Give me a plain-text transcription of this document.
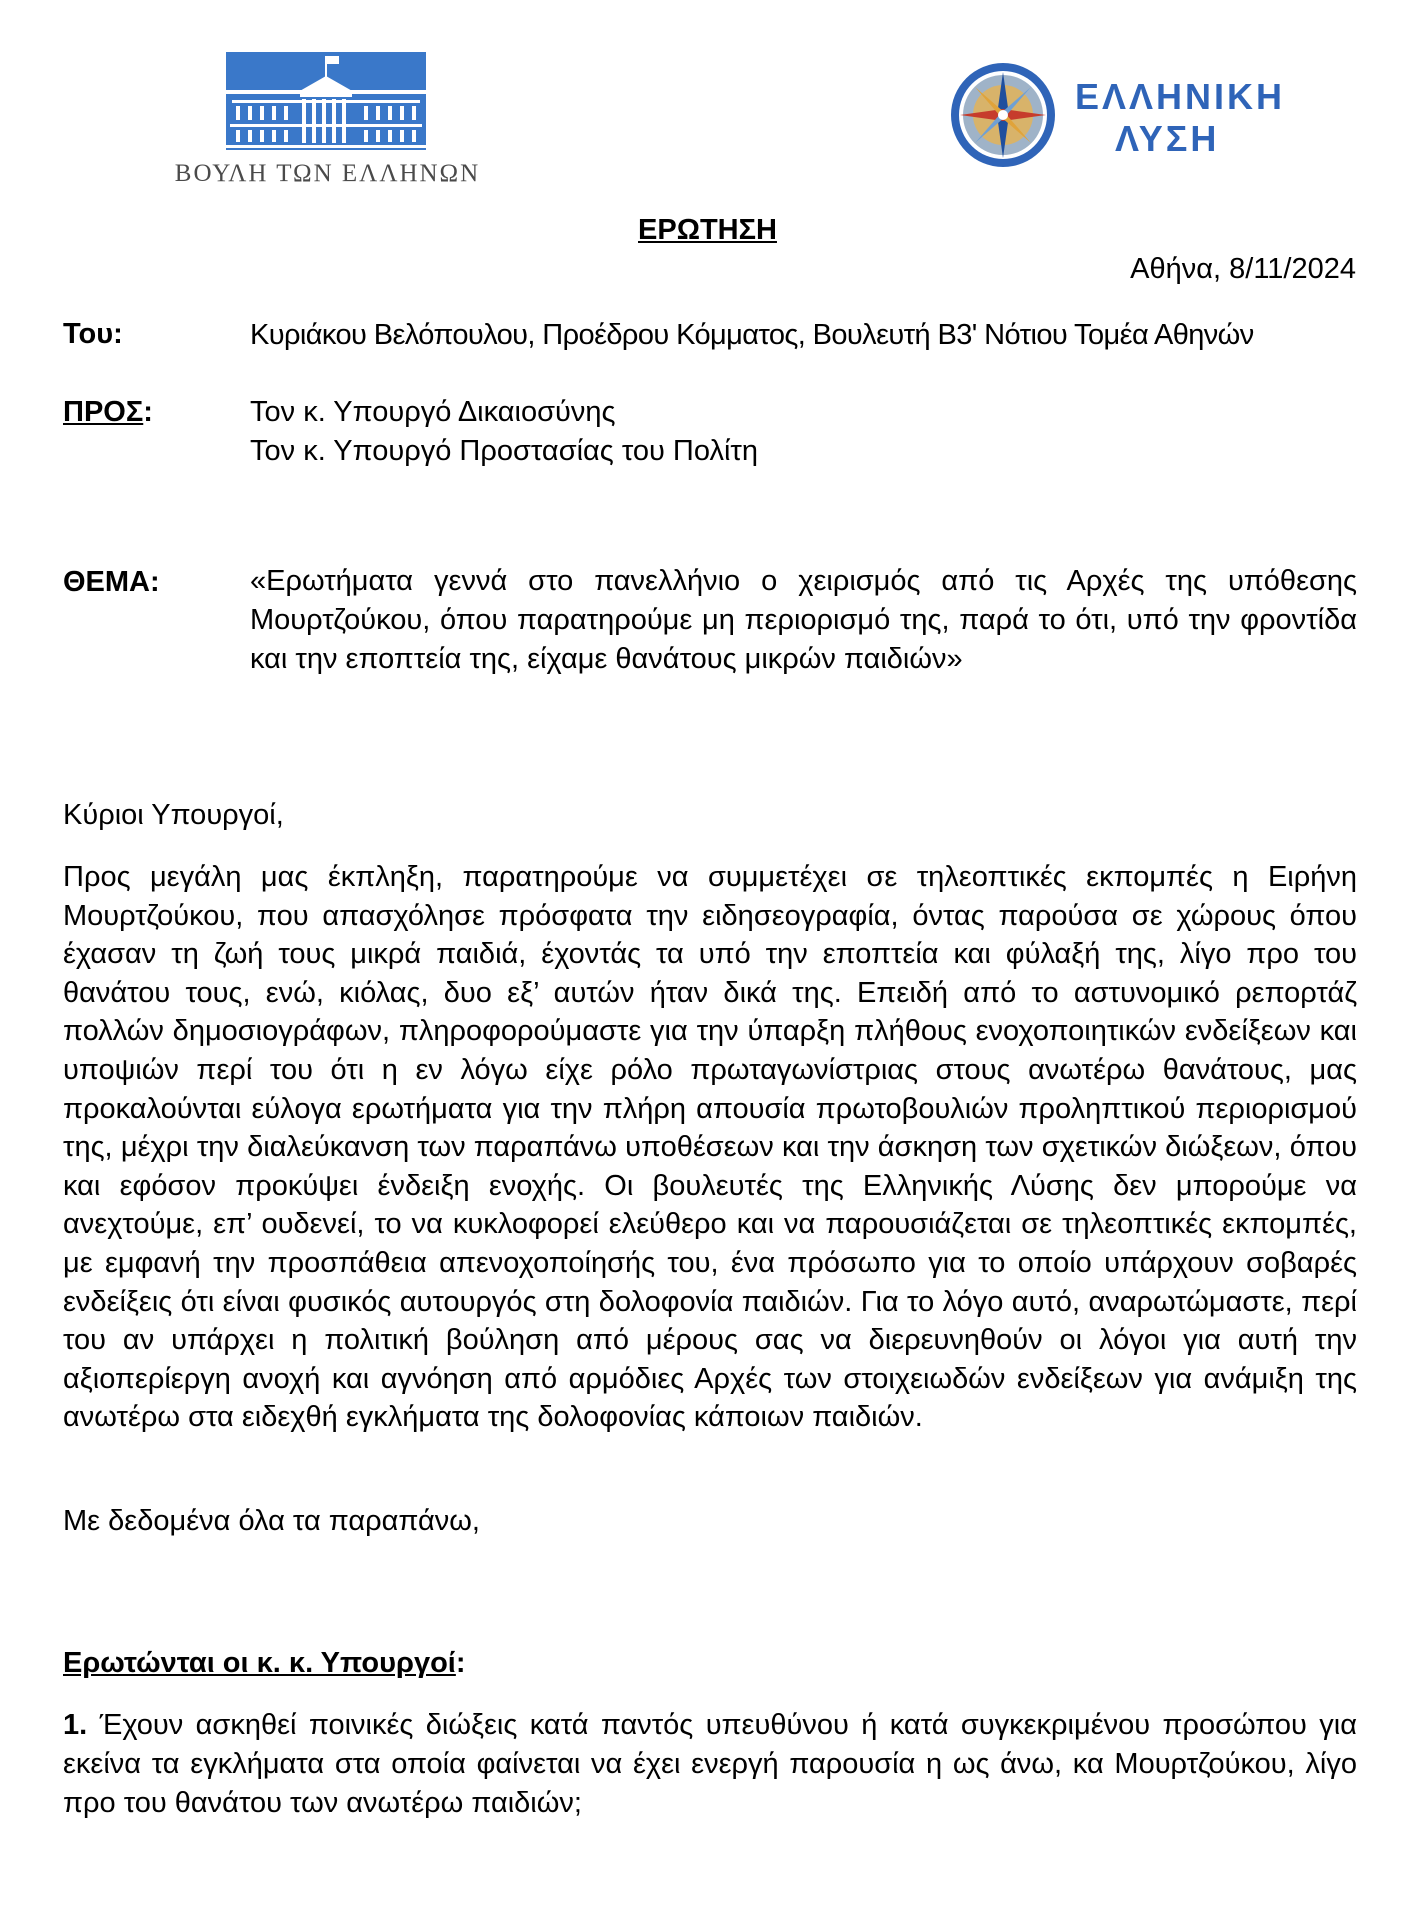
ΒΟΥΛΗ ΤΩΝ ΕΛΛΗΝΩΝ
ΕΛΛΗΝΙΚΗ
ΛΥΣΗ
ΕΡΩΤΗΣΗ
Αθήνα, 8/11/2024
Του:	Κυριάκου Βελόπουλου, Προέδρου Κόμματος, Βουλευτή Β3' Νότιου Τομέα Αθηνών
ΠΡΟΣ:	Τον κ. Υπουργό Δικαιοσύνης
Τον κ. Υπουργό Προστασίας του Πολίτη
ΘΕΜΑ:	«Ερωτήματα γεννά στο πανελλήνιο ο χειρισμός από τις Αρχές της υπόθεσης Μουρτζούκου, όπου παρατηρούμε μη περιορισμό της, παρά το ότι, υπό την φροντίδα και την εποπτεία της, είχαμε θανάτους μικρών παιδιών»
Κύριοι Υπουργοί,
Προς μεγάλη μας έκπληξη, παρατηρούμε να συμμετέχει σε τηλεοπτικές εκπομπές η Ειρήνη Μουρτζούκου, που απασχόλησε πρόσφατα την ειδησεογραφία, όντας παρούσα σε χώρους όπου έχασαν τη ζωή τους μικρά παιδιά, έχοντάς τα υπό την εποπτεία και φύλαξή της, λίγο προ του θανάτου τους, ενώ, κιόλας, δυο εξ’ αυτών ήταν δικά της. Επειδή από το αστυνομικό ρεπορτάζ πολλών δημοσιογράφων, πληροφορούμαστε για την ύπαρξη πλήθους ενοχοποιητικών ενδείξεων και υποψιών περί του ότι η εν λόγω είχε ρόλο πρωταγωνίστριας στους ανωτέρω θανάτους, μας προκαλούνται εύλογα ερωτήματα για την πλήρη απουσία πρωτοβουλιών προληπτικού περιορισμού της, μέχρι την διαλεύκανση των παραπάνω υποθέσεων και την άσκηση των σχετικών διώξεων, όπου και εφόσον προκύψει ένδειξη ενοχής. Οι βουλευτές της Ελληνικής Λύσης δεν μπορούμε να ανεχτούμε, επ’ ουδενεί, το να κυκλοφορεί ελεύθερο και να παρουσιάζεται σε τηλεοπτικές εκπομπές, με εμφανή την προσπάθεια απενοχοποίησής του, ένα πρόσωπο για το οποίο υπάρχουν σοβαρές ενδείξεις ότι είναι φυσικός αυτουργός στη δολοφονία παιδιών. Για το λόγο αυτό, αναρωτώμαστε, περί του αν υπάρχει η πολιτική βούληση από μέρους σας να διερευνηθούν οι λόγοι για αυτή την αξιοπερίεργη ανοχή και αγνόηση από αρμόδιες Αρχές των στοιχειωδών ενδείξεων για ανάμιξη της ανωτέρω στα ειδεχθή εγκλήματα της δολοφονίας κάποιων παιδιών.
Με δεδομένα όλα τα παραπάνω,
Ερωτώνται οι κ. κ. Υπουργοί:
1. Έχουν ασκηθεί ποινικές διώξεις κατά παντός υπευθύνου ή κατά συγκεκριμένου προσώπου για εκείνα τα εγκλήματα στα οποία φαίνεται να έχει ενεργή παρουσία η ως άνω, κα Μουρτζούκου, λίγο προ του θανάτου των ανωτέρω παιδιών;
